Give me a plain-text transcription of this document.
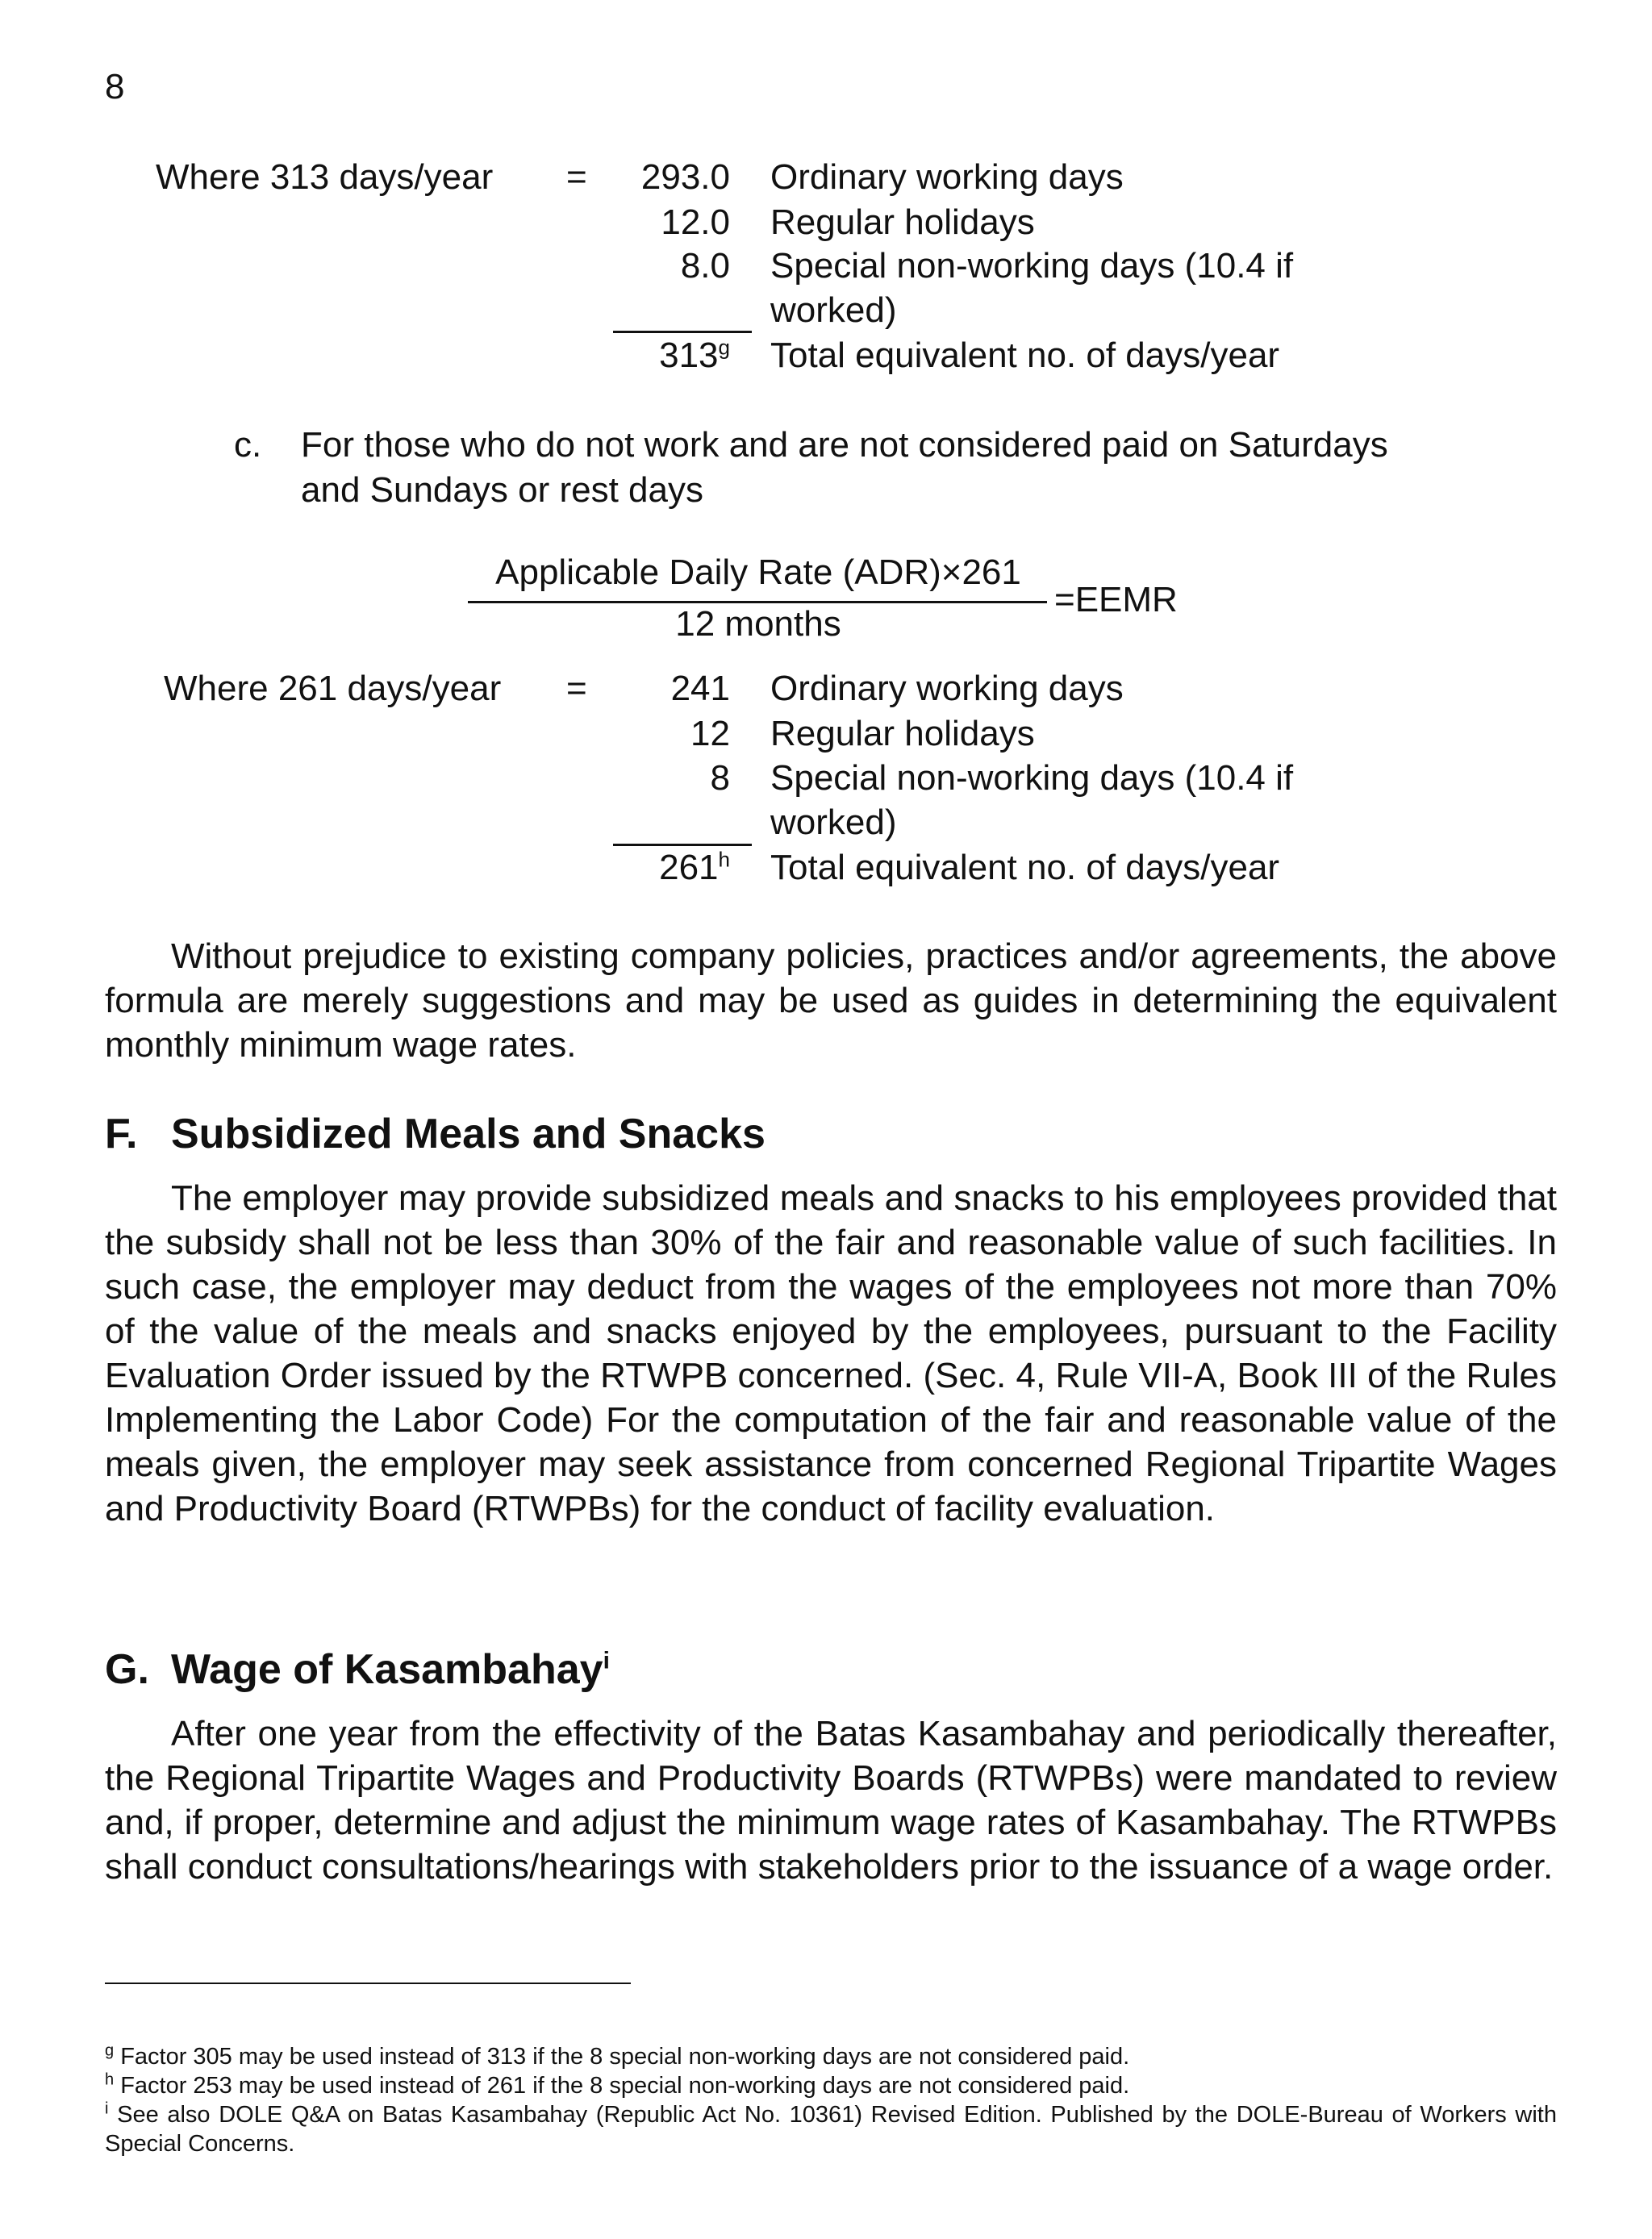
8
Where 313 days/year =	293.0 Ordinary working days
12.0 Regular holidays
8.0 Special non-working days (10.4 if
worked)
313$^g$ Total equivalent no. of days/year
c. For those who do not work and are not considered paid on Saturdays
and Sundays or rest days
Applicable Daily Rate (ADR)×261
12 months
=EEMR
Where 261 days/year =	241 Ordinary working days
12 Regular holidays
8 Special non-working days (10.4 if
worked)
261$^h$ Total equivalent no. of days/year

Without prejudice to existing company policies, practices and/or agreements, the above formula are merely suggestions and may be used as guides in determining the equivalent monthly minimum wage rates.

F. Subsidized Meals and Snacks

The employer may provide subsidized meals and snacks to his employees provided that the subsidy shall not be less than 30% of the fair and reasonable value of such facilities. In such case, the employer may deduct from the wages of the employees not more than 70% of the value of the meals and snacks enjoyed by the employees, pursuant to the Facility Evaluation Order issued by the RTWPB concerned. (Sec. 4, Rule VII-A, Book III of the Rules Implementing the Labor Code) For the computation of the fair and reasonable value of the meals given, the employer may seek assistance from concerned Regional Tripartite Wages and Productivity Board (RTWPBs) for the conduct of facility evaluation.

G. Wage of Kasambahay$^i$

After one year from the effectivity of the Batas Kasambahay and periodically thereafter, the Regional Tripartite Wages and Productivity Boards (RTWPBs) were mandated to review and, if proper, determine and adjust the minimum wage rates of Kasambahay. The RTWPBs shall conduct consultations/hearings with stakeholders prior to the issuance of a wage order.

$^g$ Factor 305 may be used instead of 313 if the 8 special non-working days are not considered paid.

$^h$ Factor 253 may be used instead of 261 if the 8 special non-working days are not considered paid.

$^i$ See also DOLE Q&A on Batas Kasambahay (Republic Act No. 10361) Revised Edition. Published by the DOLE-Bureau of Workers with Special Concerns.
